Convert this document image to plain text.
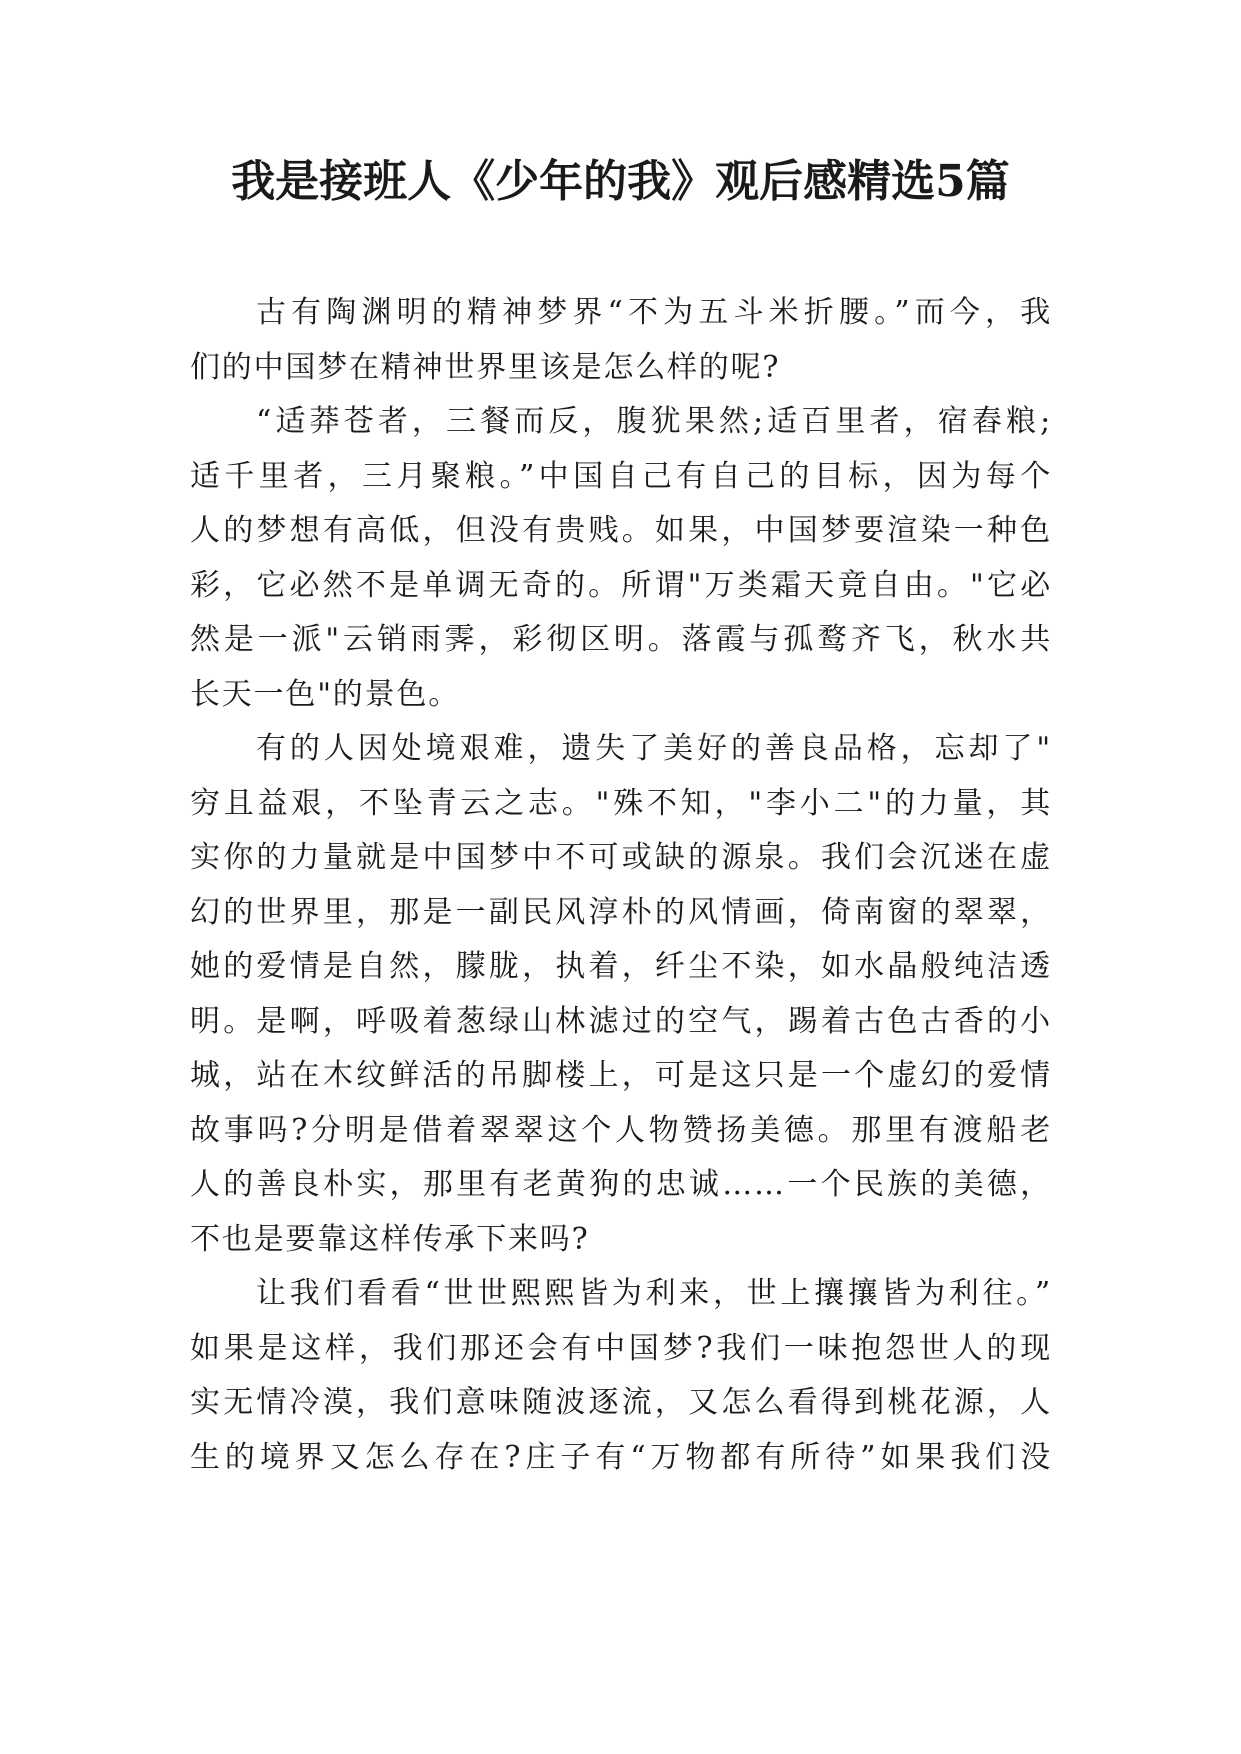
我是接班人《少年的我》观后感精选5篇
古有陶渊明的精神梦界“不为五斗米折腰。”而今，我
们的中国梦在精神世界里该是怎么样的呢?
“适莽苍者，三餐而反，腹犹果然;适百里者，宿舂粮;
适千里者，三月聚粮。”中国自己有自己的目标，因为每个
人的梦想有高低，但没有贵贱。如果，中国梦要渲染一种色
彩，它必然不是单调无奇的。所谓"万类霜天竟自由。"它必
然是一派"云销雨霁，彩彻区明。落霞与孤鹜齐飞，秋水共
长天一色"的景色。
有的人因处境艰难，遗失了美好的善良品格，忘却了"
穷且益艰，不坠青云之志。"殊不知，"李小二"的力量，其
实你的力量就是中国梦中不可或缺的源泉。我们会沉迷在虚
幻的世界里，那是一副民风淳朴的风情画，倚南窗的翠翠，
她的爱情是自然，朦胧，执着，纤尘不染，如水晶般纯洁透
明。是啊，呼吸着葱绿山林滤过的空气，踢着古色古香的小
城，站在木纹鲜活的吊脚楼上，可是这只是一个虚幻的爱情
故事吗?分明是借着翠翠这个人物赞扬美德。那里有渡船老
人的善良朴实，那里有老黄狗的忠诚……一个民族的美德，
不也是要靠这样传承下来吗?
让我们看看“世世熙熙皆为利来，世上攘攘皆为利往。”
如果是这样，我们那还会有中国梦?我们一味抱怨世人的现
实无情冷漠，我们意味随波逐流，又怎么看得到桃花源，人
生的境界又怎么存在?庄子有“万物都有所待”如果我们没
